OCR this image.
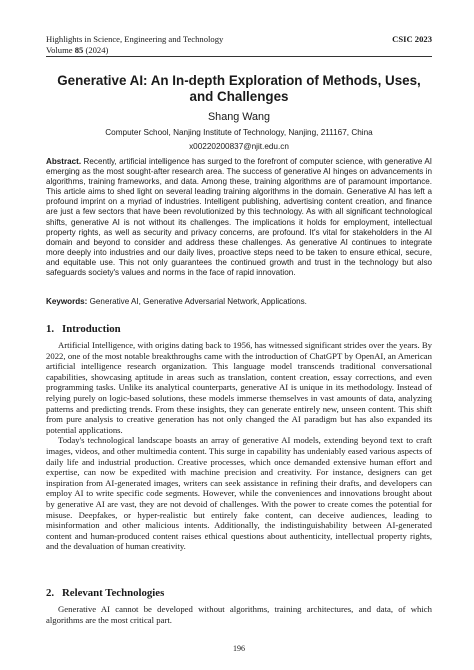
Highlights in Science, Engineering and Technology
Volume 85 (2024)
CSIC 2023
Generative AI: An In-depth Exploration of Methods, Uses, and Challenges
Shang Wang
Computer School, Nanjing Institute of Technology, Nanjing, 211167, China
x00220200837@njit.edu.cn
Abstract. Recently, artificial intelligence has surged to the forefront of computer science, with generative AI emerging as the most sought-after research area. The success of generative AI hinges on advancements in algorithms, training frameworks, and data. Among these, training algorithms are of paramount importance. This article aims to shed light on several leading training algorithms in the domain. Generative AI has left a profound imprint on a myriad of industries. Intelligent publishing, advertising content creation, and finance are just a few sectors that have been revolutionized by this technology. As with all significant technological shifts, generative AI is not without its challenges. The implications it holds for employment, intellectual property rights, as well as security and privacy concerns, are profound. It's vital for stakeholders in the AI domain and beyond to consider and address these challenges. As generative AI continues to integrate more deeply into industries and our daily lives, proactive steps need to be taken to ensure ethical, secure, and equitable use. This not only guarantees the continued growth and trust in the technology but also safeguards society's values and norms in the face of rapid innovation.
Keywords: Generative AI, Generative Adversarial Network, Applications.
1. Introduction

Artificial Intelligence, with origins dating back to 1956, has witnessed significant strides over the years. By 2022, one of the most notable breakthroughs came with the introduction of ChatGPT by OpenAI, an American artificial intelligence research organization. This language model transcends traditional conversational capabilities, showcasing aptitude in areas such as translation, content creation, essay corrections, and even programming tasks. Unlike its analytical counterparts, generative AI is unique in its methodology. Instead of relying purely on logic-based solutions, these models immerse themselves in vast amounts of data, analyzing patterns and predicting trends. From these insights, they can generate entirely new, unseen content. This shift from pure analysis to creative generation has not only changed the AI paradigm but has also expanded its potential applications.

Today's technological landscape boasts an array of generative AI models, extending beyond text to craft images, videos, and other multimedia content. This surge in capability has undeniably eased various aspects of daily life and industrial production. Creative processes, which once demanded extensive human effort and expertise, can now be expedited with machine precision and creativity. For instance, designers can get inspiration from AI-generated images, writers can seek assistance in refining their drafts, and developers can employ AI to write specific code segments. However, while the conveniences and innovations brought about by generative AI are vast, they are not devoid of challenges. With the power to create comes the potential for misuse. Deepfakes, or hyper-realistic but entirely fake content, can deceive audiences, leading to misinformation and other malicious intents. Additionally, the indistinguishability between AI-generated content and human-produced content raises ethical questions about authenticity, intellectual property rights, and the devaluation of human creativity.

2. Relevant Technologies

Generative AI cannot be developed without algorithms, training architectures, and data, of which algorithms are the most critical part.

196
